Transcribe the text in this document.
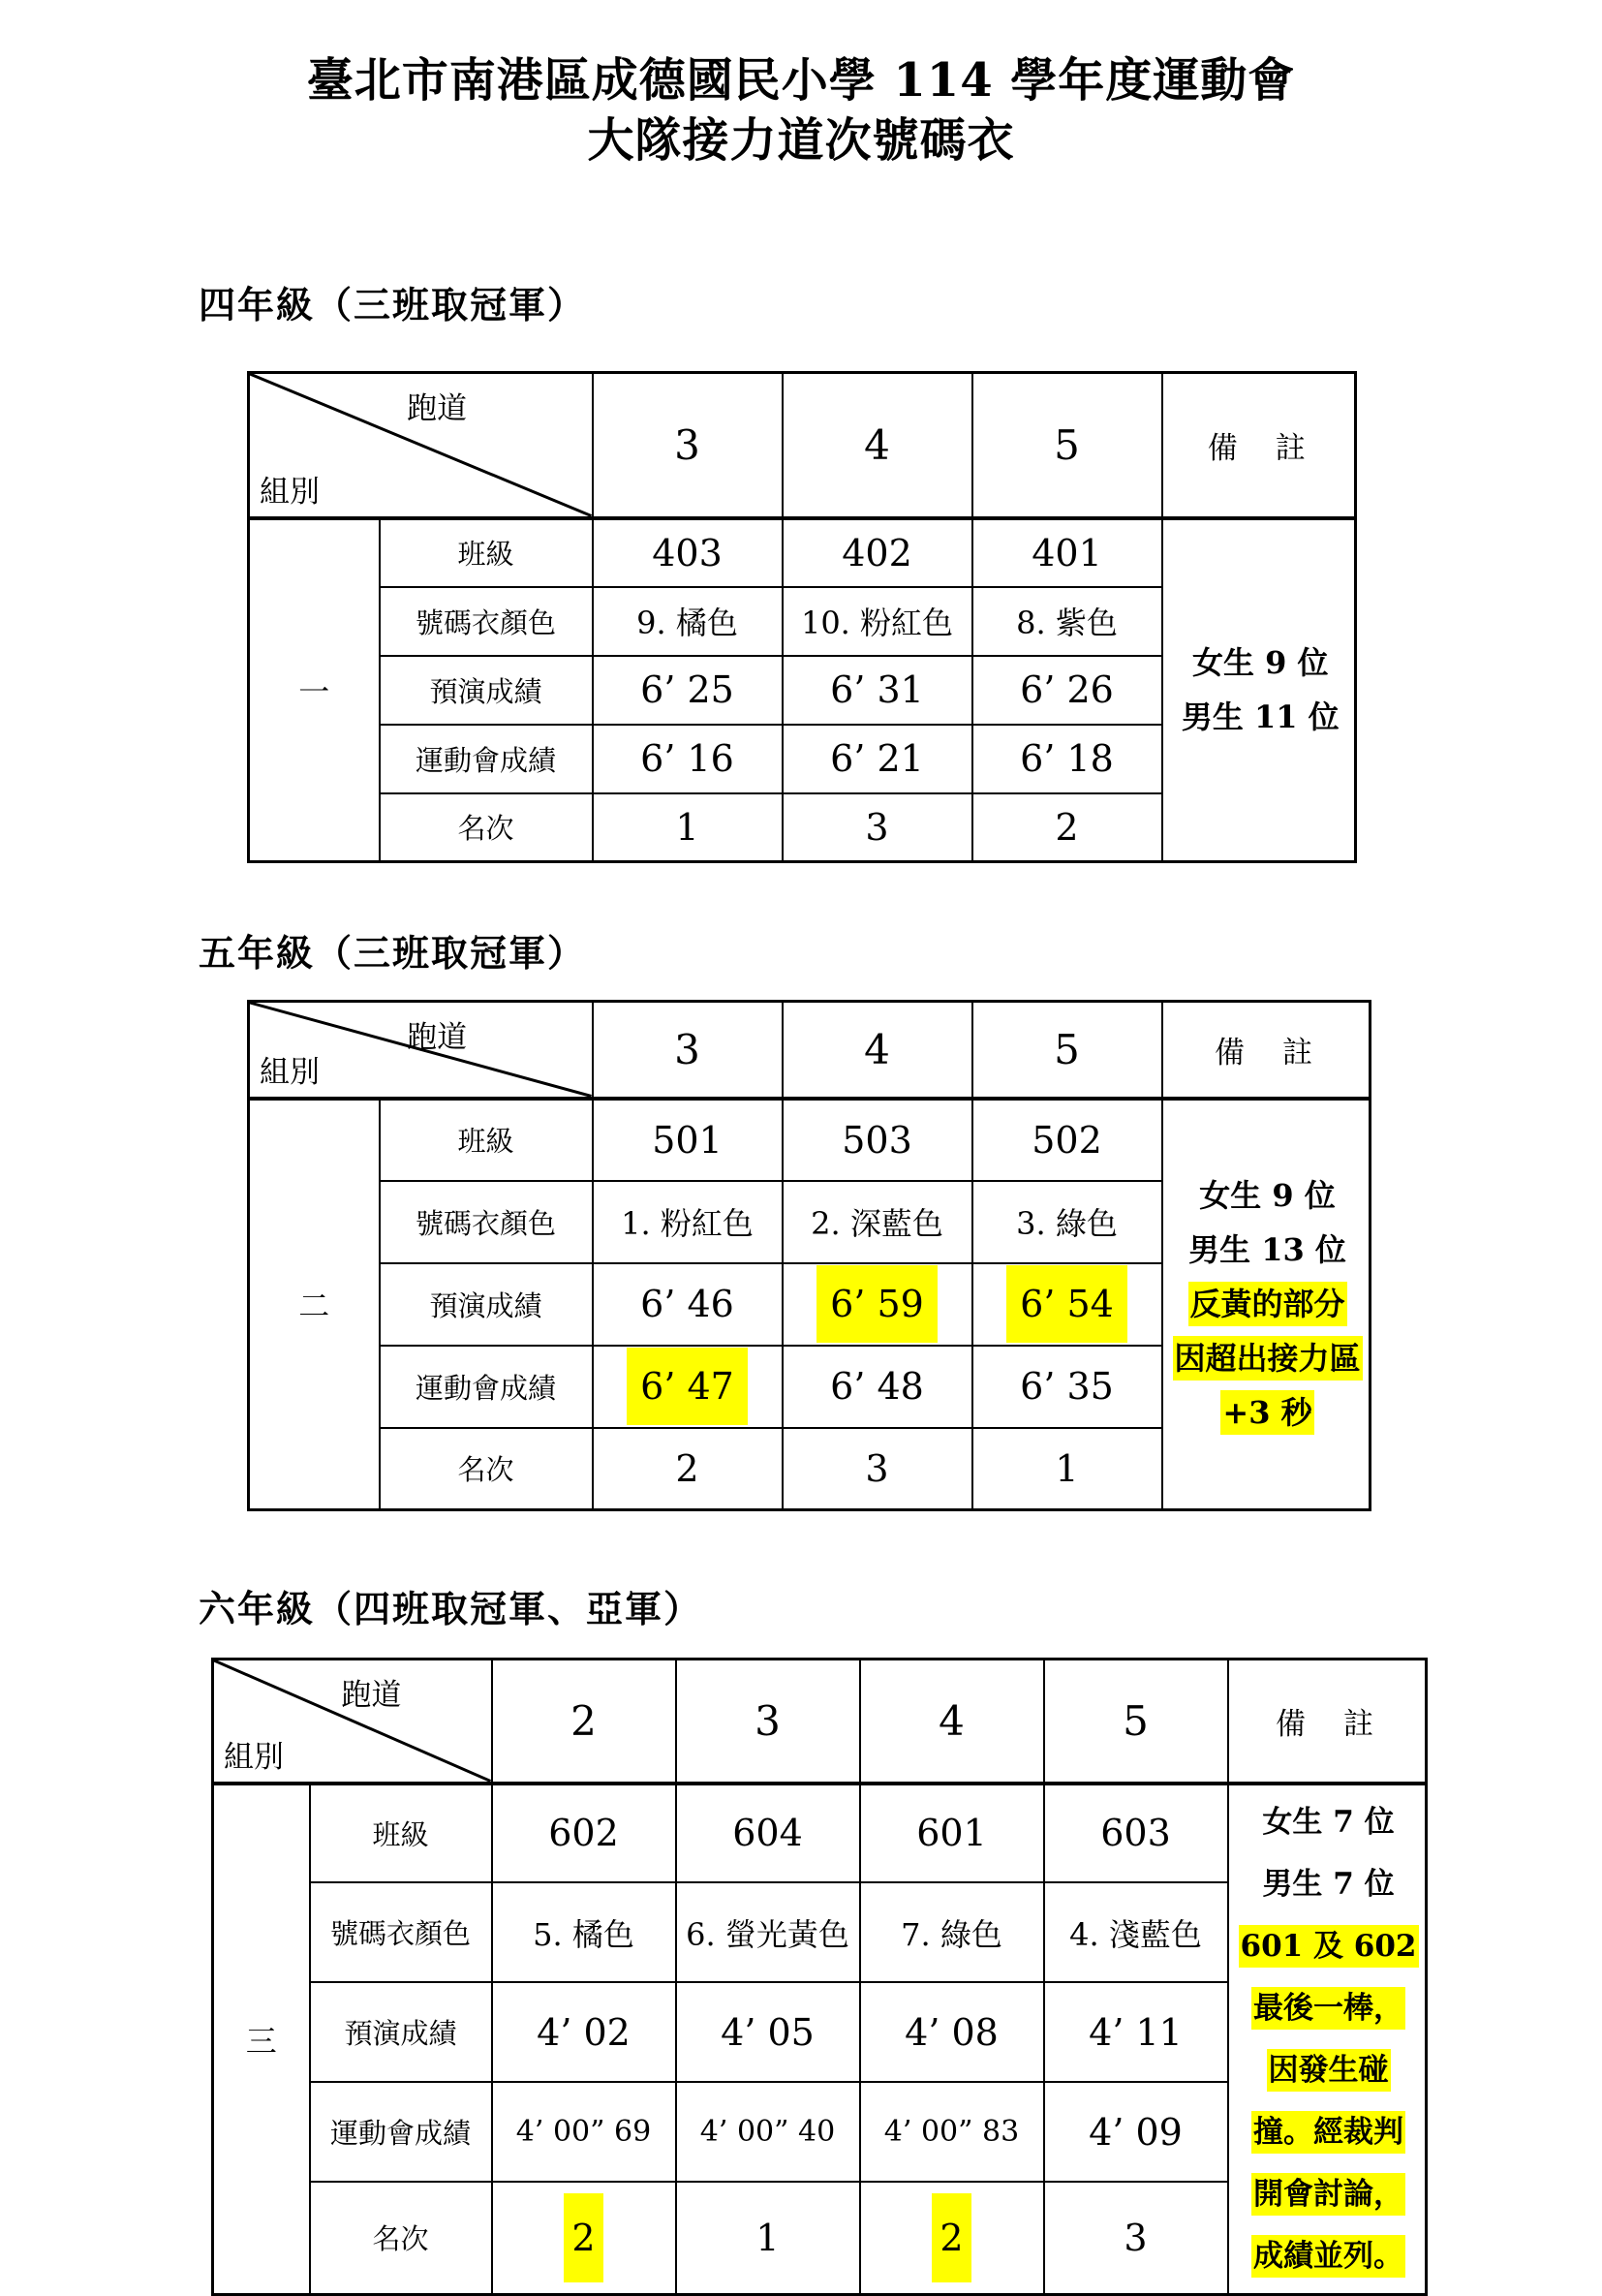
臺北市南港區成德國民小學 114 學年度運動會
大隊接力道次號碼衣
四年級（三班取冠軍）
跑道
組別		3	4	5	備　註
一	班級	403	402	401	女生 9 位
男生 11 位

	號碼衣顏色	9. 橘色	10. 粉紅色	8. 紫色	
	預演成績	6’ 25	6’ 31	6’ 26	
	運動會成績	6’ 16	6’ 21	6’ 18	
	名次	1	3	2	
五年級（三班取冠軍）
跑道
組別		3	4	5	備　註
二	班級	501	503	502	女生 9 位
男生 13 位
反黃的部分
因超出接力區
+3 秒

	號碼衣顏色	1. 粉紅色	2. 深藍色	3. 綠色	
	預演成績	6’ 46	6’ 59	6’ 54	
	運動會成績	6’ 47	6’ 48	6’ 35	
	名次	2	3	1	
六年級（四班取冠軍、亞軍）
跑道
組別		2	3	4	5	備　註
三	班級	602	604	601	603	女生 7 位
男生 7 位
601 及 602
最後一棒，
因發生碰
撞。經裁判
開會討論，
成績並列。

	號碼衣顏色	5. 橘色	6. 螢光黃色	7. 綠色	4. 淺藍色	
	預演成績	4’ 02	4’ 05	4’ 08	4’ 11	
	運動會成績	4’ 00” 69	4’ 00” 40	4’ 00” 83	4’ 09	
	名次	2	1	2	3	
